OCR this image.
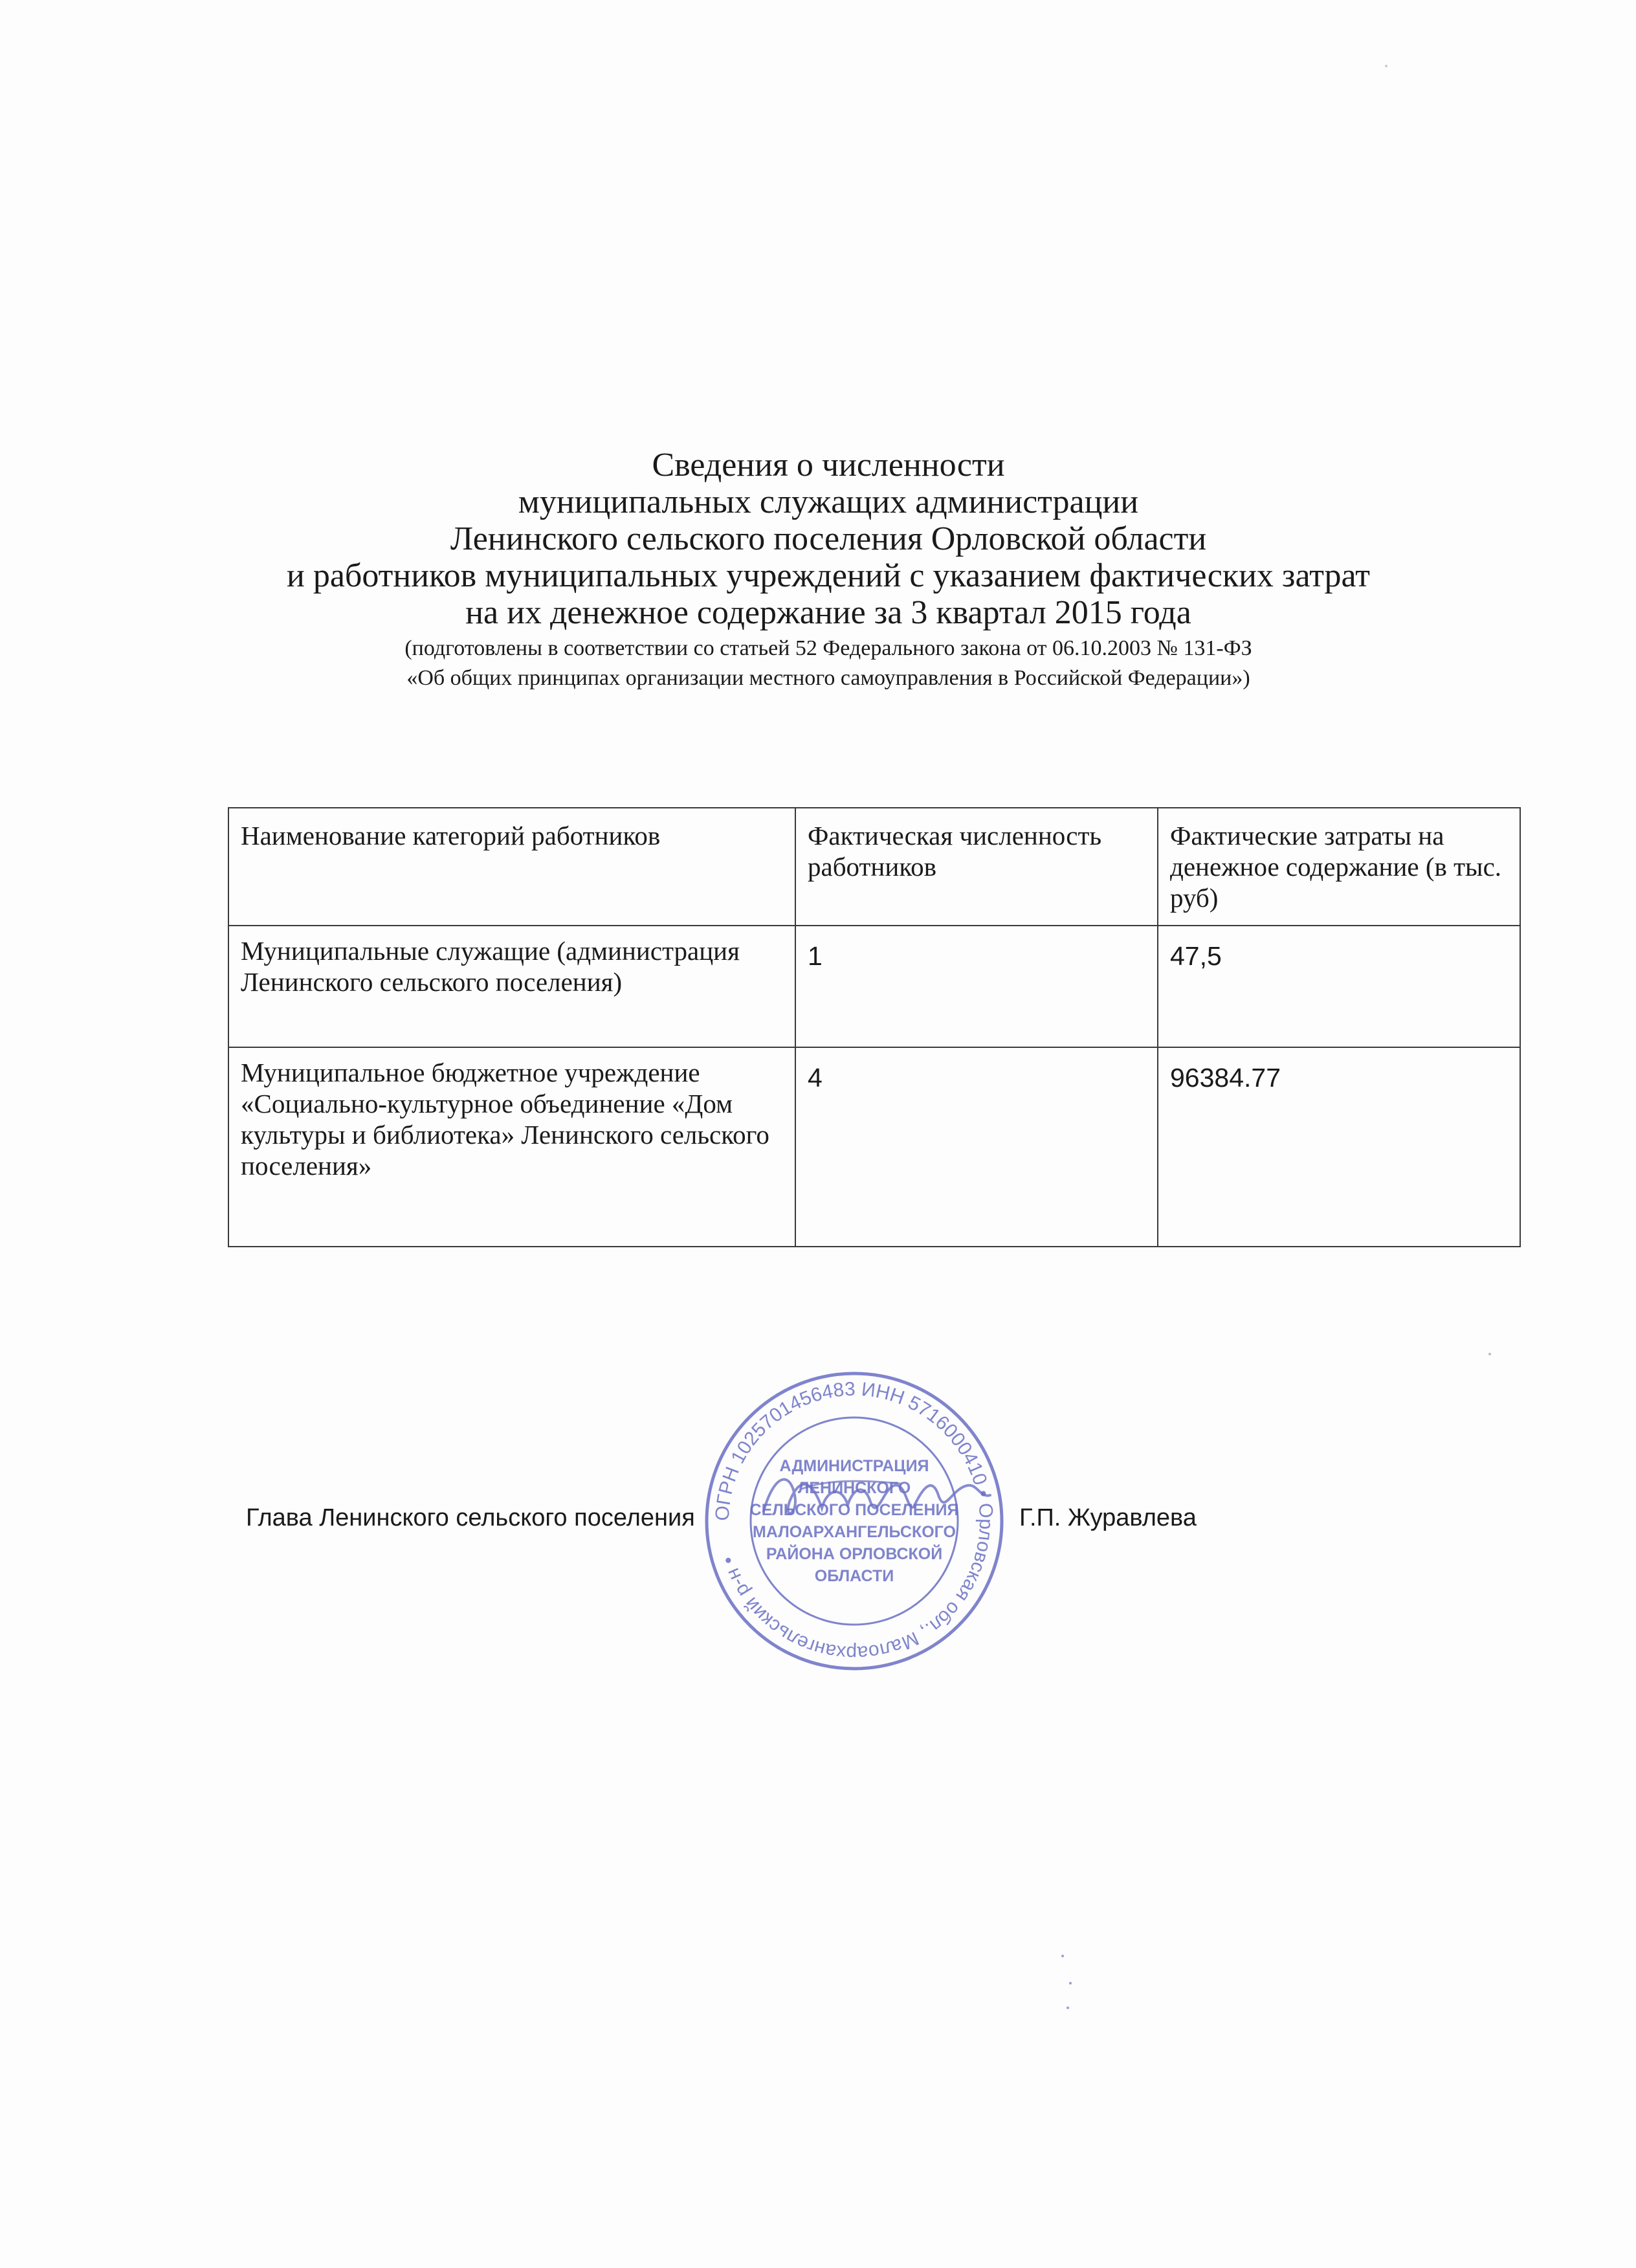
Сведения о численности
муниципальных служащих администрации
Ленинского сельского поселения Орловской области
и работников муниципальных учреждений с указанием фактических затрат
на их денежное содержание за 3 квартал 2015 года
(подготовлены в соответствии со статьей 52 Федерального закона от 06.10.2003 № 131-ФЗ
«Об общих принципах организации местного самоуправления в Российской Федерации»)
Наименование категорий работников	Фактическая численность работников	Фактические затраты на денежное содержание (в тыс. руб)
Муниципальные служащие (администрация Ленинского сельского поселения)	1	47,5
Муниципальное бюджетное учреждение «Социально-культурное объединение «Дом культуры и библиотека» Ленинского сельского поселения»	4	96384.77
Глава Ленинского сельского поселения	Г.П. Журавлева
ОГРН 1025701456483 ИНН 5716000410 • Орловская обл., Малоархангельский р-н •
АДМИНИСТРАЦИЯ
ЛЕНИНСКОГО
СЕЛЬСКОГО ПОСЕЛЕНИЯ
МАЛОАРХАНГЕЛЬСКОГО
РАЙОНА ОРЛОВСКОЙ
ОБЛАСТИ
